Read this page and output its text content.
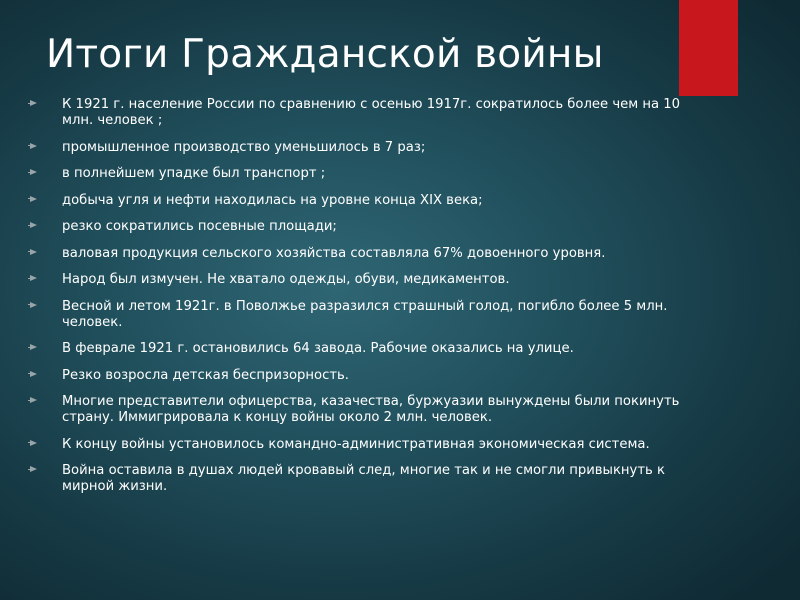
Итоги Гражданской войны
К 1921 г. население России по сравнению с осенью 1917г. сократилось более чем на 10 млн. человек ;
промышленное производство уменьшилось в 7 раз;
в полнейшем упадке был транспорт ;
добыча угля и нефти находилась на уровне конца XIX века;
резко сократились посевные площади;
валовая продукция сельского хозяйства составляла 67% довоенного уровня.
Народ был измучен. Не хватало одежды, обуви, медикаментов.
Весной и летом 1921г. в Поволжье разразился страшный голод, погибло более 5 млн. человек.
В феврале 1921 г. остановились 64 завода. Рабочие оказались на улице.
Резко возросла детская беспризорность.
Многие представители офицерства, казачества, буржуазии вынуждены были покинуть страну. Иммигрировала к концу войны около 2 млн. человек.
К концу войны установилось командно-административная экономическая система.
Война оставила в душах людей кровавый след, многие так и не смогли привыкнуть к мирной жизни.
